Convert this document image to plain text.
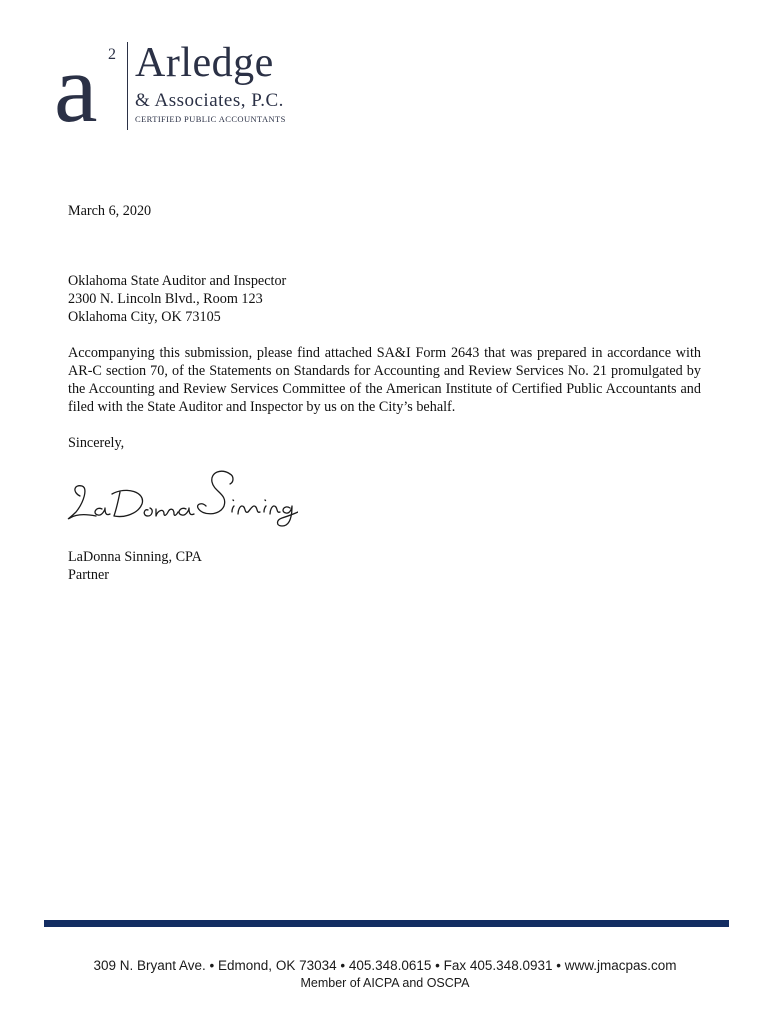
a 2 Arledge
& Associates, P.C.
CERTIFIED PUBLIC ACCOUNTANTS

March 6, 2020

Oklahoma State Auditor and Inspector
2300 N. Lincoln Blvd., Room 123
Oklahoma City, OK 73105

Accompanying this submission, please find attached SA&I Form 2643 that was prepared in accordance with AR-C section 70, of the Statements on Standards for Accounting and Review Services No. 21 promulgated by the Accounting and Review Services Committee of the American Institute of Certified Public Accountants and filed with the State Auditor and Inspector by us on the City’s behalf.

Sincerely,

LaDonna Sinning, CPA
Partner
309 N. Bryant Ave. • Edmond, OK 73034 • 405.348.0615 • Fax 405.348.0931 • www.jmacpas.com
Member of AICPA and OSCPA
